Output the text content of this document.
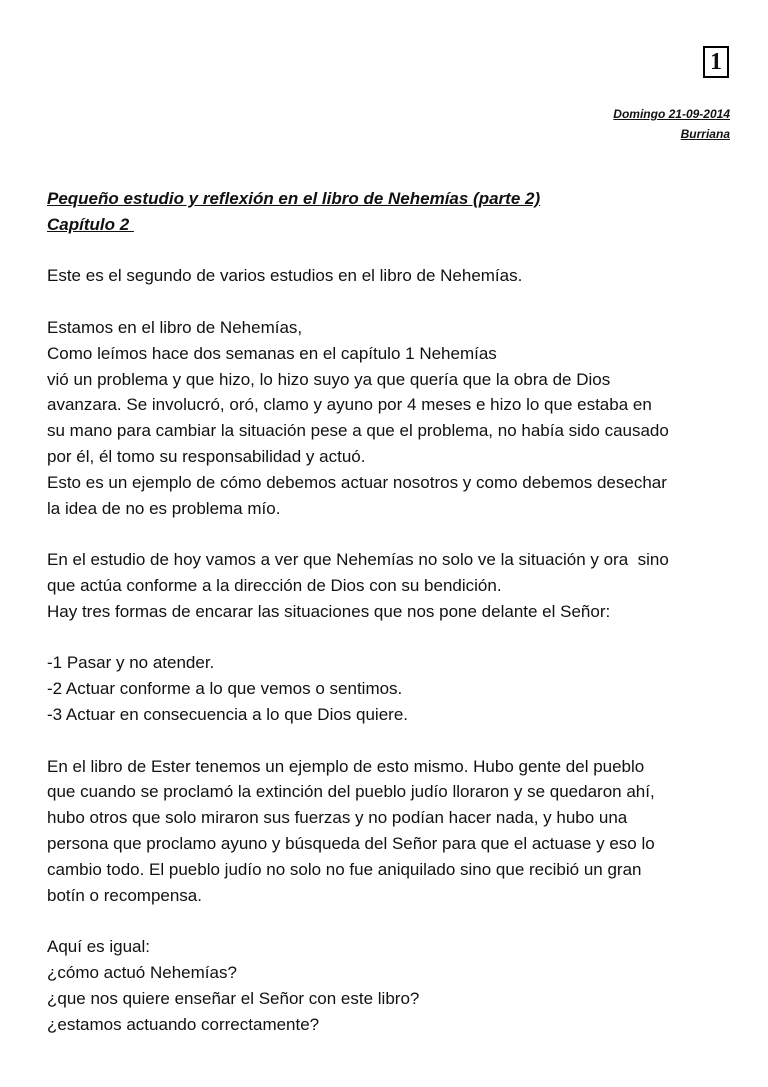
1
Domingo 21-09-2014
Burriana
Pequeño estudio y reflexión en el libro de Nehemías (parte 2)
Capítulo 2
Este es el segundo de varios estudios en el libro de Nehemías.
Estamos en el libro de Nehemías,
Como leímos hace dos semanas en el capítulo 1 Nehemías
vió un problema y que hizo, lo hizo suyo ya que quería que la obra de Dios
avanzara. Se involucró, oró, clamo y ayuno por 4 meses e hizo lo que estaba en
su mano para cambiar la situación pese a que el problema, no había sido causado
por él, él tomo su responsabilidad y actuó.
Esto es un ejemplo de cómo debemos actuar nosotros y como debemos desechar
la idea de no es problema mío.
En el estudio de hoy vamos a ver que Nehemías no solo ve la situación y ora  sino
que actúa conforme a la dirección de Dios con su bendición.
Hay tres formas de encarar las situaciones que nos pone delante el Señor:
-1 Pasar y no atender.
-2 Actuar conforme a lo que vemos o sentimos.
-3 Actuar en consecuencia a lo que Dios quiere.
En el libro de Ester tenemos un ejemplo de esto mismo. Hubo gente del pueblo
que cuando se proclamó la extinción del pueblo judío lloraron y se quedaron ahí,
hubo otros que solo miraron sus fuerzas y no podían hacer nada, y hubo una
persona que proclamo ayuno y búsqueda del Señor para que el actuase y eso lo
cambio todo. El pueblo judío no solo no fue aniquilado sino que recibió un gran
botín o recompensa.
Aquí es igual:
¿cómo actuó Nehemías?
¿que nos quiere enseñar el Señor con este libro?
¿estamos actuando correctamente?
